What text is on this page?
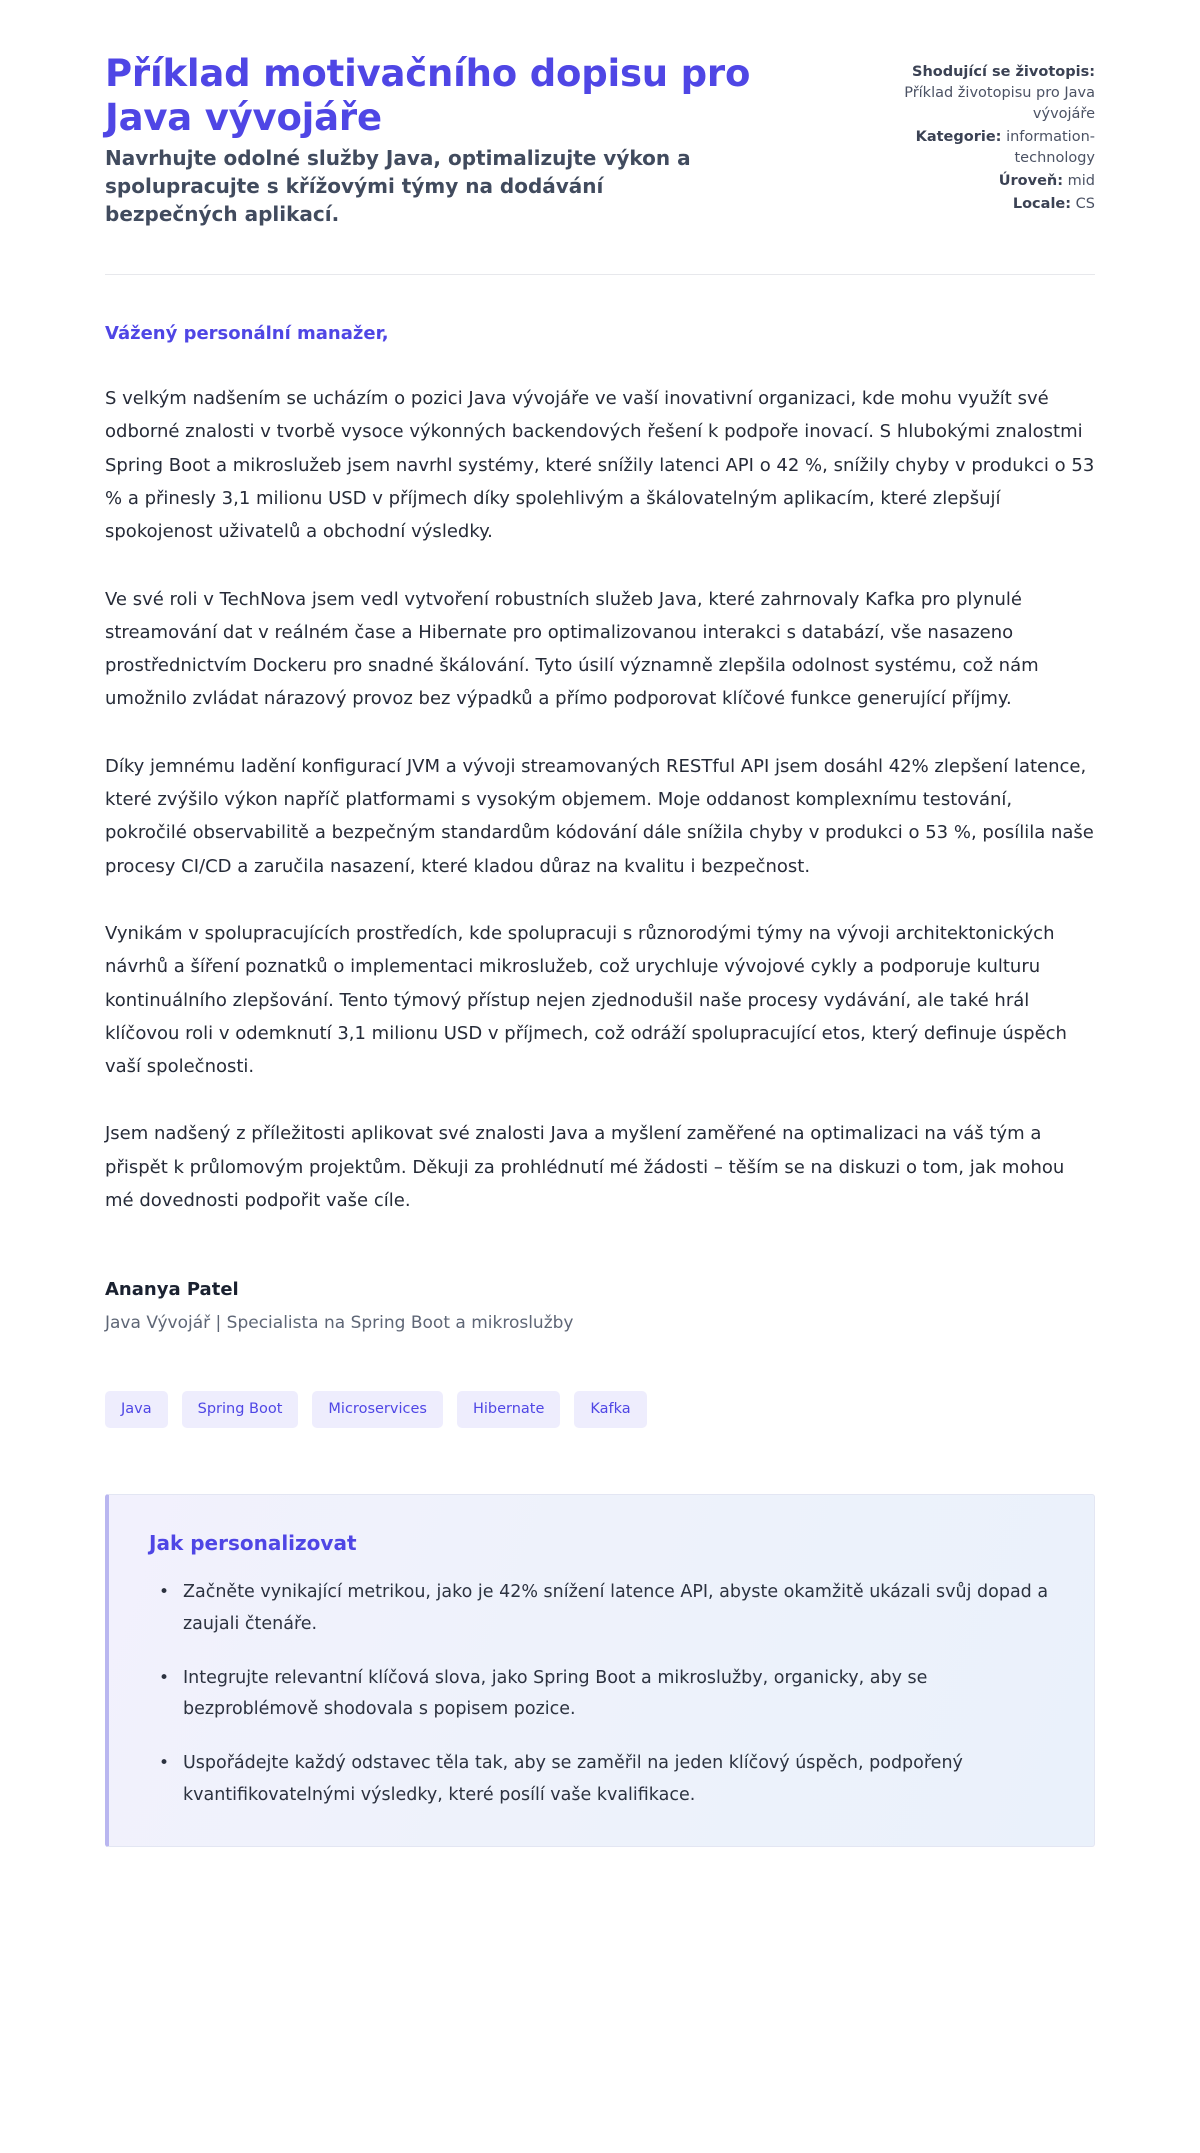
Příklad motivačního dopisu pro Java vývojáře

Navrhujte odolné služby Java, optimalizujte výkon a spolupracujte s křížovými týmy na dodávání bezpečných aplikací.

Shodující se životopis:
Příklad životopisu pro Java vývojáře
Kategorie: information-technology
Úroveň: mid
Locale: CS

Vážený personální manažer,

S velkým nadšením se ucházím o pozici Java vývojáře ve vaší inovativní organizaci, kde mohu využít své odborné znalosti v tvorbě vysoce výkonných backendových řešení k podpoře inovací. S hlubokými znalostmi Spring Boot a mikroslužeb jsem navrhl systémy, které snížily latenci API o 42 %, snížily chyby v produkci o 53 % a přinesly 3,1 milionu USD v příjmech díky spolehlivým a škálovatelným aplikacím, které zlepšují spokojenost uživatelů a obchodní výsledky.

Ve své roli v TechNova jsem vedl vytvoření robustních služeb Java, které zahrnovaly Kafka pro plynulé streamování dat v reálném čase a Hibernate pro optimalizovanou interakci s databází, vše nasazeno prostřednictvím Dockeru pro snadné škálování. Tyto úsilí významně zlepšila odolnost systému, což nám umožnilo zvládat nárazový provoz bez výpadků a přímo podporovat klíčové funkce generující příjmy.

Díky jemnému ladění konfigurací JVM a vývoji streamovaných RESTful API jsem dosáhl 42% zlepšení latence, které zvýšilo výkon napříč platformami s vysokým objemem. Moje oddanost komplexnímu testování, pokročilé observabilitě a bezpečným standardům kódování dále snížila chyby v produkci o 53 %, posílila naše procesy CI/CD a zaručila nasazení, které kladou důraz na kvalitu i bezpečnost.

Vynikám v spolupracujících prostředích, kde spolupracuji s různorodými týmy na vývoji architektonických návrhů a šíření poznatků o implementaci mikroslužeb, což urychluje vývojové cykly a podporuje kulturu kontinuálního zlepšování. Tento týmový přístup nejen zjednodušil naše procesy vydávání, ale také hrál klíčovou roli v odemknutí 3,1 milionu USD v příjmech, což odráží spolupracující etos, který definuje úspěch vaší společnosti.

Jsem nadšený z příležitosti aplikovat své znalosti Java a myšlení zaměřené na optimalizaci na váš tým a přispět k průlomovým projektům. Děkuji za prohlédnutí mé žádosti – těším se na diskuzi o tom, jak mohou mé dovednosti podpořit vaše cíle.

Ananya Patel

Java Vývojář | Specialista na Spring Boot a mikroslužby

Java	Spring Boot	Microservices	Hibernate	Kafka

Jak personalizovat

• Začněte vynikající metrikou, jako je 42% snížení latence API, abyste okamžitě ukázali svůj dopad a zaujali čtenáře.
• Integrujte relevantní klíčová slova, jako Spring Boot a mikroslužby, organicky, aby se bezproblémově shodovala s popisem pozice.
• Uspořádejte každý odstavec těla tak, aby se zaměřil na jeden klíčový úspěch, podpořený kvantifikovatelnými výsledky, které posílí vaše kvalifikace.
